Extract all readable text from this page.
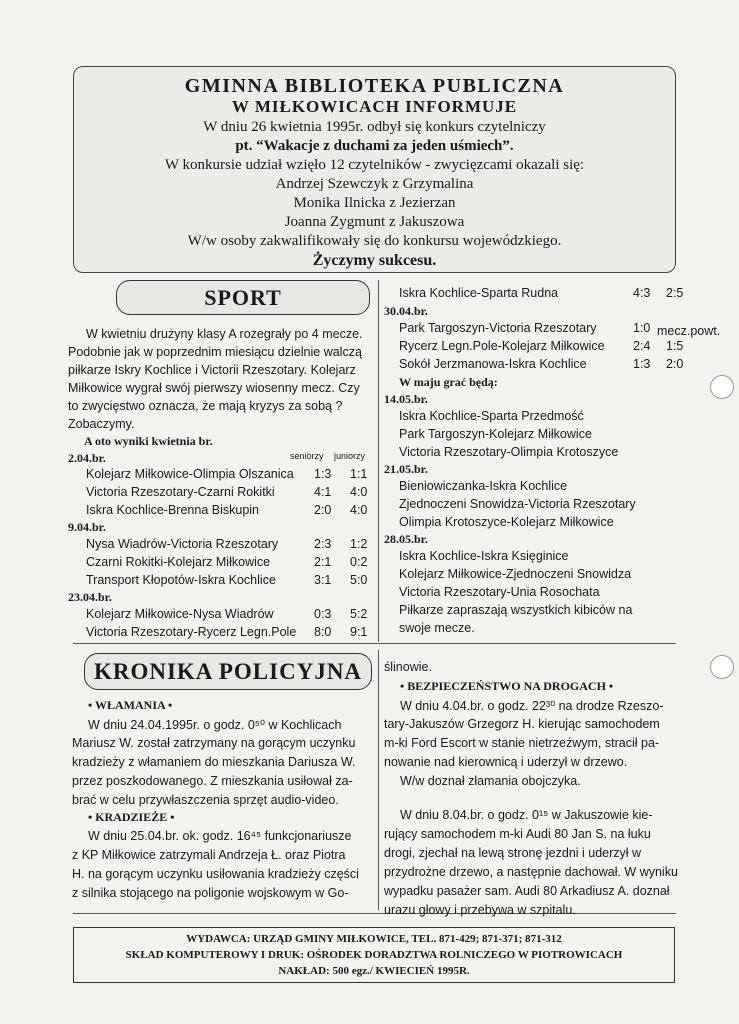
GMINNA BIBLIOTEKA PUBLICZNA
W MIŁKOWICACH INFORMUJE
W dniu 26 kwietnia 1995r. odbył się konkurs czytelniczy
pt. “Wakacje z duchami za jeden uśmiech”.
W konkursie udział wzięło 12 czytelników - zwycięzcami okazali się:
Andrzej Szewczyk z Grzymalina
Monika Ilnicka z Jezierzan
Joanna Zygmunt z Jakuszowa
W/w osoby zakwalifikowały się do konkursu wojewódzkiego.
Życzymy sukcesu.
SPORT
W kwietniu drużyny klasy A rozegrały po 4 mecze.
Podobnie jak w poprzednim miesiącu dzielnie walczą
piłkarze Iskry Kochlice i Victorii Rzeszotary. Kolejarz
Miłkowice wygrał swój pierwszy wiosenny mecz. Czy
to zwycięstwo oznacza, że mają kryzys za sobą ?
Zobaczymy.
A oto wyniki kwietnia br.
2.04.br.	seniorzy juniorzy
Kolejarz Miłkowice-Olimpia Olszanica 1:3 1:1
Victoria Rzeszotary-Czarni Rokitki	4:1 4:0
Iskra Kochlice-Brenna Biskupin	2:0 4:0
9.04.br.
Nysa Wiadrów-Victoria Rzeszotary	2:3 1:2
Czarni Rokitki-Kolejarz Miłkowice	2:1 0:2
Transport Kłopotów-Iskra Kochlice	3:1 5:0
23.04.br.
Kolejarz Miłkowice-Nysa Wiadrów	0:3 5:2
Victoria Rzeszotary-Rycerz Legn.Pole 8:0 9:1
Iskra Kochlice-Sparta Rudna	4:3 2:5
30.04.br.
Park Targoszyn-Victoria Rzeszotary	1:0 mecz.powt.
Rycerz Legn.Pole-Kolejarz Miłkowice 2:4 1:5
Sokół Jerzmanowa-Iskra Kochlice	1:3 2:0
W maju grać będą:
14.05.br.
Iskra Kochlice-Sparta Przedmość
Park Targoszyn-Kolejarz Miłkowice
Victoria Rzeszotary-Olimpia Krotoszyce
21.05.br.
Bieniowiczanka-Iskra Kochlice
Zjednoczeni Snowidza-Victoria Rzeszotary
Olimpia Krotoszyce-Kolejarz Miłkowice
28.05.br.
Iskra Kochlice-Iskra Księginice
Kolejarz Miłkowice-Zjednoczeni Snowidza
Victoria Rzeszotary-Unia Rosochata
Piłkarze zapraszają wszystkich kibiców na
swoje mecze.
KRONIKA POLICYJNA
• WŁAMANIA •
W dniu 24.04.1995r. o godz. 0⁵⁰ w Kochlicach
Mariusz W. został zatrzymany na gorącym uczynku
kradzieży z włamaniem do mieszkania Dariusza W.
przez poszkodowanego. Z mieszkania usiłował za-
brać w celu przywłaszczenia sprzęt audio-video.
• KRADZIEŻE •
W dniu 25.04.br. ok. godz. 16⁴⁵ funkcjonariusze
z KP Miłkowice zatrzymali Andrzeja Ł. oraz Piotra
H. na gorącym uczynku usiłowania kradzieży części
z silnika stojącego na poligonie wojskowym w Go-
ślinowie.
• BEZPIECZEŃSTWO NA DROGACH •
W dniu 4.04.br. o godz. 22³⁰ na drodze Rzeszo-
tary-Jakuszów Grzegorz H. kierując samochodem
m-ki Ford Escort w stanie nietrzeźwym, stracił pa-
nowanie nad kierownicą i uderzył w drzewo.
W/w doznał złamania obojczyka.
W dniu 8.04.br. o godz. 0¹⁵ w Jakuszowie kie-
rujący samochodem m-ki Audi 80 Jan S. na łuku
drogi, zjechał na lewą stronę jezdni i uderzył w
przydrożne drzewo, a następnie dachował. W wyniku
wypadku pasażer sam. Audi 80 Arkadiusz A. doznał
urazu głowy i przebywa w szpitalu.
WYDAWCA: URZĄD GMINY MIŁKOWICE, TEL. 871-429; 871-371; 871-312
SKŁAD KOMPUTEROWY I DRUK: OŚRODEK DORADZTWA ROLNICZEGO W PIOTROWICACH
NAKŁAD: 500 egz./ KWIECIEŃ 1995R.
